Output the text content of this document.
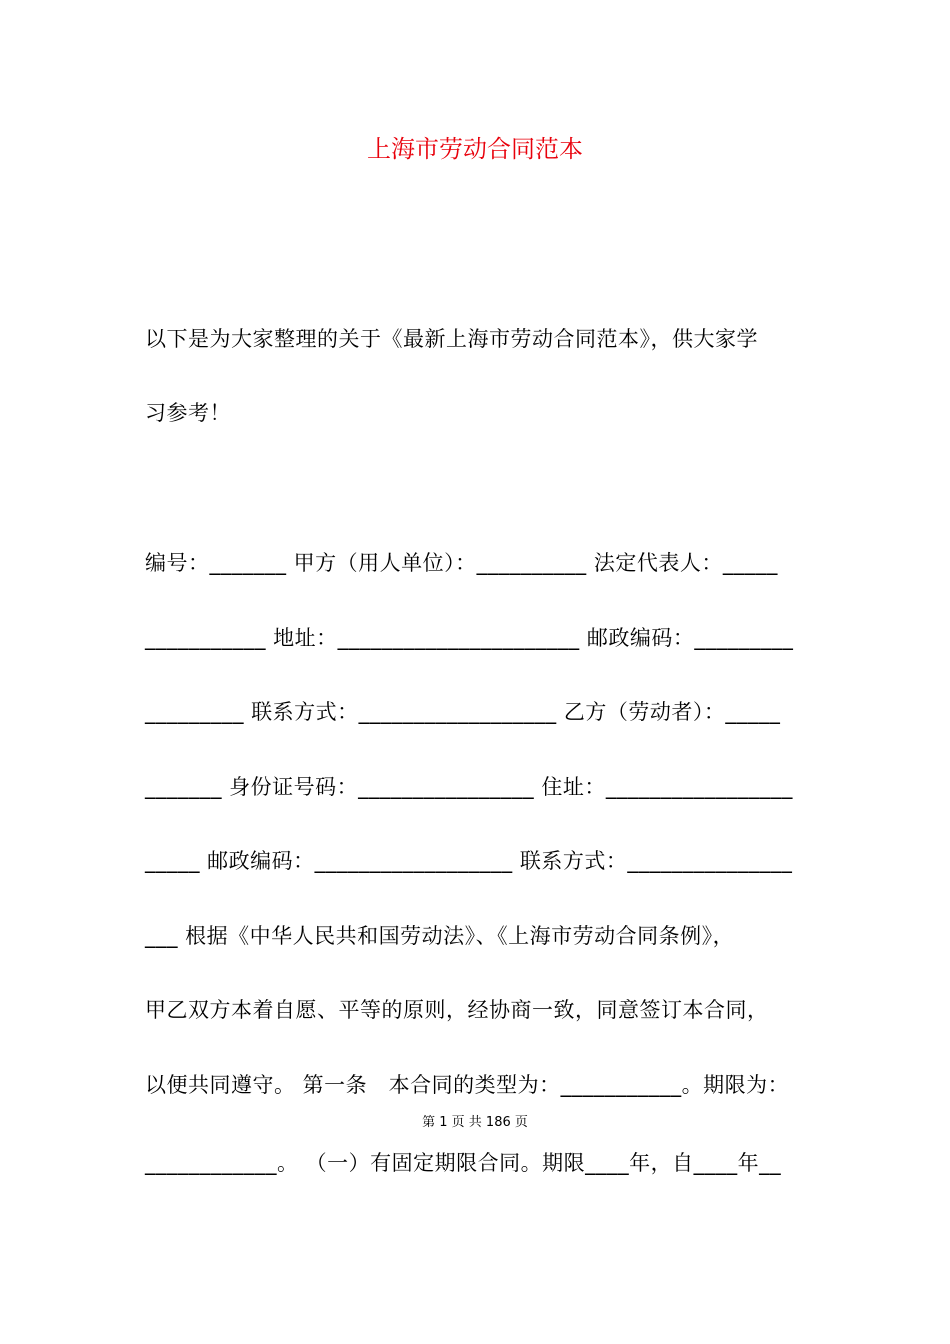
上海市劳动合同范本
以下是为大家整理的关于《最新上海市劳动合同范本》，供大家学
习参考！
编号：_______ 甲方（用人单位）：__________ 法定代表人：_____
___________ 地址：______________________ 邮政编码：_________
_________ 联系方式：__________________ 乙方（劳动者）：_____
_______ 身份证号码：________________ 住址：_________________
_____ 邮政编码：__________________ 联系方式：_______________
___ 根据《中华人民共和国劳动法》、《上海市劳动合同条例》，
甲乙双方本着自愿、平等的原则，经协商一致，同意签订本合同，
以便共同遵守。 第一条　本合同的类型为：___________。期限为：
第 1 页 共 186 页
____________。 （一）有固定期限合同。期限____年，自____年__
